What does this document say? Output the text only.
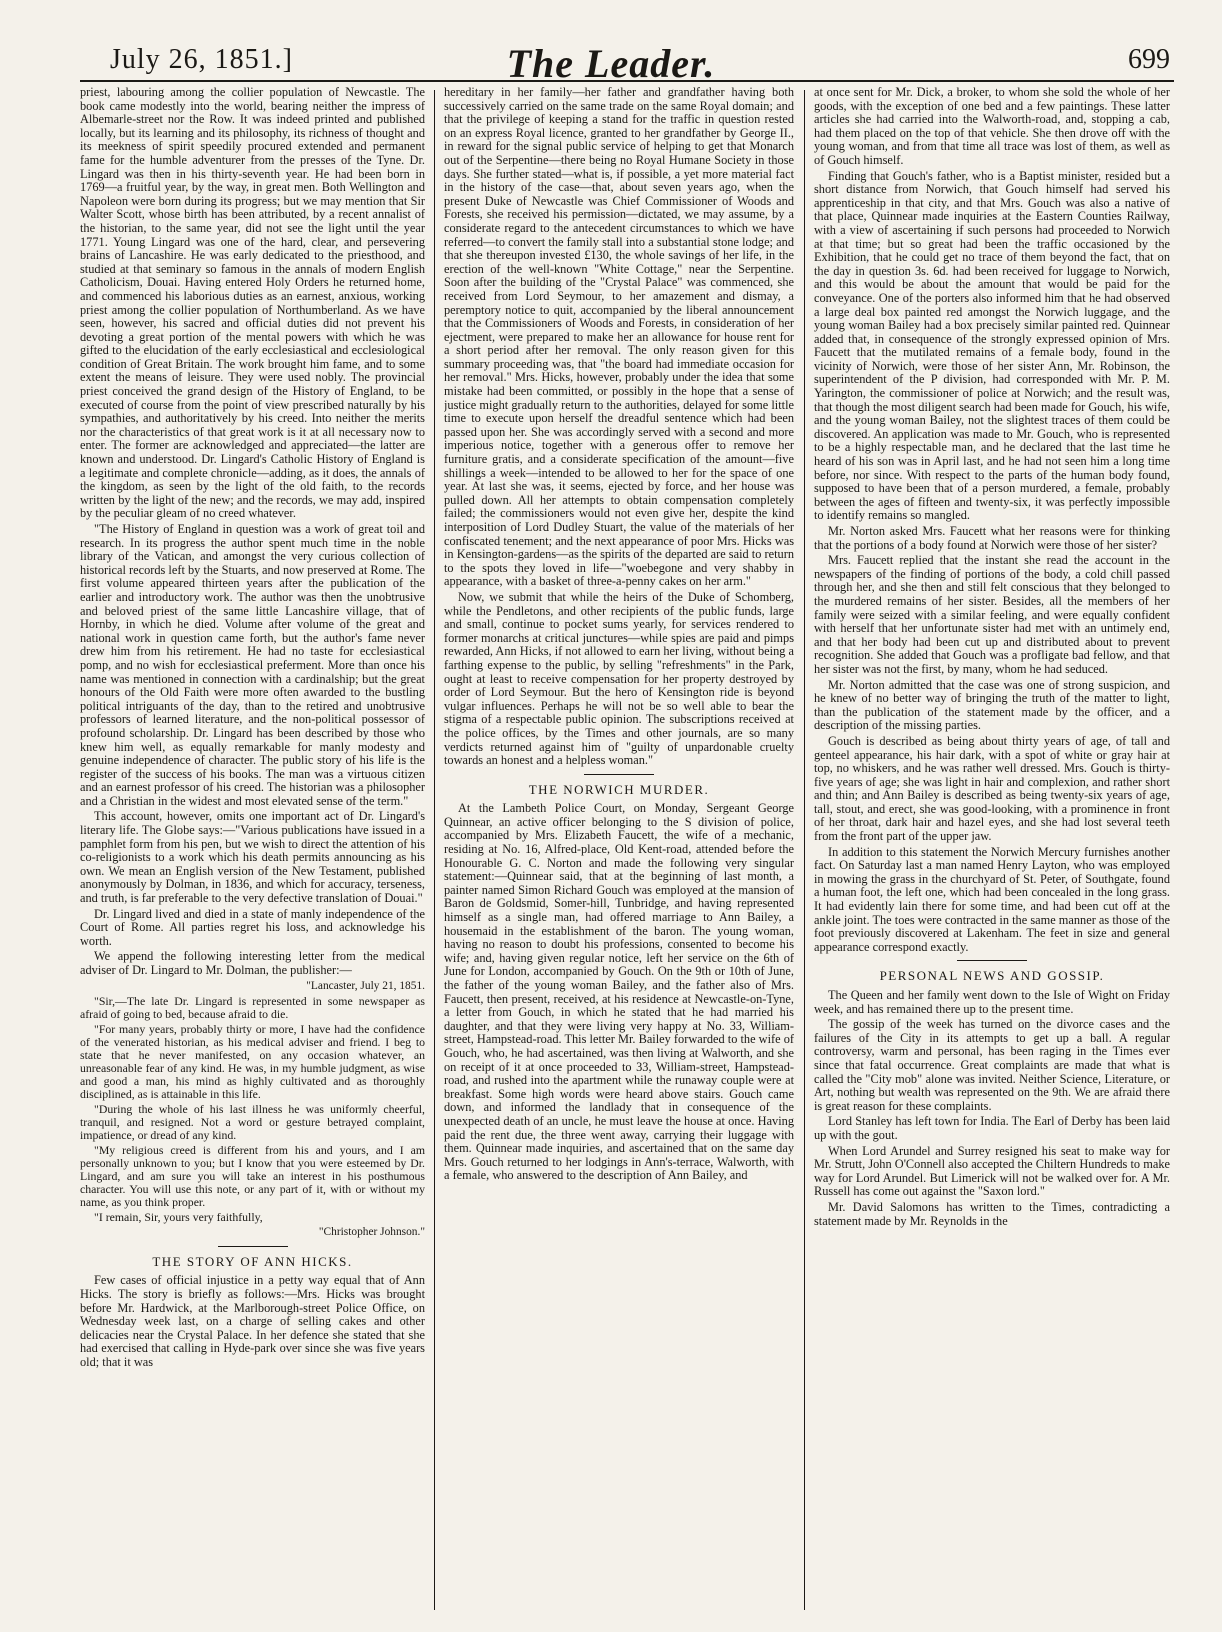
July 26, 1851.]	The Leader.	699

priest, labouring among the collier population of Newcastle. The book came modestly into the world, bearing neither the impress of Albemarle-street nor the Row. It was indeed printed and published locally, but its learning and its philosophy, its richness of thought and its meekness of spirit speedily procured extended and permanent fame for the humble adventurer from the presses of the Tyne. Dr. Lingard was then in his thirty-seventh year. He had been born in 1769—a fruitful year, by the way, in great men. Both Wellington and Napoleon were born during its progress; but we may mention that Sir Walter Scott, whose birth has been attributed, by a recent annalist of the historian, to the same year, did not see the light until the year 1771. Young Lingard was one of the hard, clear, and persevering brains of Lancashire. He was early dedicated to the priesthood, and studied at that seminary so famous in the annals of modern English Catholicism, Douai. Having entered Holy Orders he returned home, and commenced his laborious duties as an earnest, anxious, working priest among the collier population of Northumberland. As we have seen, however, his sacred and official duties did not prevent his devoting a great portion of the mental powers with which he was gifted to the elucidation of the early ecclesiastical and ecclesiological condition of Great Britain. The work brought him fame, and to some extent the means of leisure. They were used nobly. The provincial priest conceived the grand design of the History of England, to be executed of course from the point of view prescribed naturally by his sympathies, and authoritatively by his creed. Into neither the merits nor the characteristics of that great work is it at all necessary now to enter. The former are acknowledged and appreciated—the latter are known and understood. Dr. Lingard's Catholic History of England is a legitimate and complete chronicle—adding, as it does, the annals of the kingdom, as seen by the light of the old faith, to the records written by the light of the new; and the records, we may add, inspired by the peculiar gleam of no creed whatever.

"The History of England in question was a work of great toil and research. In its progress the author spent much time in the noble library of the Vatican, and amongst the very curious collection of historical records left by the Stuarts, and now preserved at Rome. The first volume appeared thirteen years after the publication of the earlier and introductory work. The author was then the unobtrusive and beloved priest of the same little Lancashire village, that of Hornby, in which he died. Volume after volume of the great and national work in question came forth, but the author's fame never drew him from his retirement. He had no taste for ecclesiastical pomp, and no wish for ecclesiastical preferment. More than once his name was mentioned in connection with a cardinalship; but the great honours of the Old Faith were more often awarded to the bustling political intriguants of the day, than to the retired and unobtrusive professors of learned literature, and the non-political possessor of profound scholarship. Dr. Lingard has been described by those who knew him well, as equally remarkable for manly modesty and genuine independence of character. The public story of his life is the register of the success of his books. The man was a virtuous citizen and an earnest professor of his creed. The historian was a philosopher and a Christian in the widest and most elevated sense of the term."

This account, however, omits one important act of Dr. Lingard's literary life. The Globe says:—"Various publications have issued in a pamphlet form from his pen, but we wish to direct the attention of his co-religionists to a work which his death permits announcing as his own. We mean an English version of the New Testament, published anonymously by Dolman, in 1836, and which for accuracy, terseness, and truth, is far preferable to the very defective translation of Douai."

Dr. Lingard lived and died in a state of manly independence of the Court of Rome. All parties regret his loss, and acknowledge his worth.

We append the following interesting letter from the medical adviser of Dr. Lingard to Mr. Dolman, the publisher:—

"Lancaster, July 21, 1851.

"Sir,—The late Dr. Lingard is represented in some newspaper as afraid of going to bed, because afraid to die.

"For many years, probably thirty or more, I have had the confidence of the venerated historian, as his medical adviser and friend. I beg to state that he never manifested, on any occasion whatever, an unreasonable fear of any kind. He was, in my humble judgment, as wise and good a man, his mind as highly cultivated and as thoroughly disciplined, as is attainable in this life.

"During the whole of his last illness he was uniformly cheerful, tranquil, and resigned. Not a word or gesture betrayed complaint, impatience, or dread of any kind.

"My religious creed is different from his and yours, and I am personally unknown to you; but I know that you were esteemed by Dr. Lingard, and am sure you will take an interest in his posthumous character. You will use this note, or any part of it, with or without my name, as you think proper.

"I remain, Sir, yours very faithfully,

"Christopher Johnson."
THE STORY OF ANN HICKS.

Few cases of official injustice in a petty way equal that of Ann Hicks. The story is briefly as follows:—Mrs. Hicks was brought before Mr. Hardwick, at the Marlborough-street Police Office, on Wednesday week last, on a charge of selling cakes and other delicacies near the Crystal Palace. In her defence she stated that she had exercised that calling in Hyde-park over since she was five years old; that it was

hereditary in her family—her father and grandfather having both successively carried on the same trade on the same Royal domain; and that the privilege of keeping a stand for the traffic in question rested on an express Royal licence, granted to her grandfather by George II., in reward for the signal public service of helping to get that Monarch out of the Serpentine—there being no Royal Humane Society in those days. She further stated—what is, if possible, a yet more material fact in the history of the case—that, about seven years ago, when the present Duke of Newcastle was Chief Commissioner of Woods and Forests, she received his permission—dictated, we may assume, by a considerate regard to the antecedent circumstances to which we have referred—to convert the family stall into a substantial stone lodge; and that she thereupon invested £130, the whole savings of her life, in the erection of the well-known "White Cottage," near the Serpentine. Soon after the building of the "Crystal Palace" was commenced, she received from Lord Seymour, to her amazement and dismay, a peremptory notice to quit, accompanied by the liberal announcement that the Commissioners of Woods and Forests, in consideration of her ejectment, were prepared to make her an allowance for house rent for a short period after her removal. The only reason given for this summary proceeding was, that "the board had immediate occasion for her removal." Mrs. Hicks, however, probably under the idea that some mistake had been committed, or possibly in the hope that a sense of justice might gradually return to the authorities, delayed for some little time to execute upon herself the dreadful sentence which had been passed upon her. She was accordingly served with a second and more imperious notice, together with a generous offer to remove her furniture gratis, and a considerate specification of the amount—five shillings a week—intended to be allowed to her for the space of one year. At last she was, it seems, ejected by force, and her house was pulled down. All her attempts to obtain compensation completely failed; the commissioners would not even give her, despite the kind interposition of Lord Dudley Stuart, the value of the materials of her confiscated tenement; and the next appearance of poor Mrs. Hicks was in Kensington-gardens—as the spirits of the departed are said to return to the spots they loved in life—"woebegone and very shabby in appearance, with a basket of three-a-penny cakes on her arm."

Now, we submit that while the heirs of the Duke of Schomberg, while the Pendletons, and other recipients of the public funds, large and small, continue to pocket sums yearly, for services rendered to former monarchs at critical junctures—while spies are paid and pimps rewarded, Ann Hicks, if not allowed to earn her living, without being a farthing expense to the public, by selling "refreshments" in the Park, ought at least to receive compensation for her property destroyed by order of Lord Seymour. But the hero of Kensington ride is beyond vulgar influences. Perhaps he will not be so well able to bear the stigma of a respectable public opinion. The subscriptions received at the police offices, by the Times and other journals, are so many verdicts returned against him of "guilty of unpardonable cruelty towards an honest and a helpless woman."

THE NORWICH MURDER.

At the Lambeth Police Court, on Monday, Sergeant George Quinnear, an active officer belonging to the S division of police, accompanied by Mrs. Elizabeth Faucett, the wife of a mechanic, residing at No. 16, Alfred-place, Old Kent-road, attended before the Honourable G. C. Norton and made the following very singular statement:—Quinnear said, that at the beginning of last month, a painter named Simon Richard Gouch was employed at the mansion of Baron de Goldsmid, Somer-hill, Tunbridge, and having represented himself as a single man, had offered marriage to Ann Bailey, a housemaid in the establishment of the baron. The young woman, having no reason to doubt his professions, consented to become his wife; and, having given regular notice, left her service on the 6th of June for London, accompanied by Gouch. On the 9th or 10th of June, the father of the young woman Bailey, and the father also of Mrs. Faucett, then present, received, at his residence at Newcastle-on-Tyne, a letter from Gouch, in which he stated that he had married his daughter, and that they were living very happy at No. 33, William-street, Hampstead-road. This letter Mr. Bailey forwarded to the wife of Gouch, who, he had ascertained, was then living at Walworth, and she on receipt of it at once proceeded to 33, William-street, Hampstead-road, and rushed into the apartment while the runaway couple were at breakfast. Some high words were heard above stairs. Gouch came down, and informed the landlady that in consequence of the unexpected death of an uncle, he must leave the house at once. Having paid the rent due, the three went away, carrying their luggage with them. Quinnear made inquiries, and ascertained that on the same day Mrs. Gouch returned to her lodgings in Ann's-terrace, Walworth, with a female, who answered to the description of Ann Bailey, and

at once sent for Mr. Dick, a broker, to whom she sold the whole of her goods, with the exception of one bed and a few paintings. These latter articles she had carried into the Walworth-road, and, stopping a cab, had them placed on the top of that vehicle. She then drove off with the young woman, and from that time all trace was lost of them, as well as of Gouch himself.

Finding that Gouch's father, who is a Baptist minister, resided but a short distance from Norwich, that Gouch himself had served his apprenticeship in that city, and that Mrs. Gouch was also a native of that place, Quinnear made inquiries at the Eastern Counties Railway, with a view of ascertaining if such persons had proceeded to Norwich at that time; but so great had been the traffic occasioned by the Exhibition, that he could get no trace of them beyond the fact, that on the day in question 3s. 6d. had been received for luggage to Norwich, and this would be about the amount that would be paid for the conveyance. One of the porters also informed him that he had observed a large deal box painted red amongst the Norwich luggage, and the young woman Bailey had a box precisely similar painted red. Quinnear added that, in consequence of the strongly expressed opinion of Mrs. Faucett that the mutilated remains of a female body, found in the vicinity of Norwich, were those of her sister Ann, Mr. Robinson, the superintendent of the P division, had corresponded with Mr. P. M. Yarington, the commissioner of police at Norwich; and the result was, that though the most diligent search had been made for Gouch, his wife, and the young woman Bailey, not the slightest traces of them could be discovered. An application was made to Mr. Gouch, who is represented to be a highly respectable man, and he declared that the last time he heard of his son was in April last, and he had not seen him a long time before, nor since. With respect to the parts of the human body found, supposed to have been that of a person murdered, a female, probably between the ages of fifteen and twenty-six, it was perfectly impossible to identify remains so mangled.

Mr. Norton asked Mrs. Faucett what her reasons were for thinking that the portions of a body found at Norwich were those of her sister?

Mrs. Faucett replied that the instant she read the account in the newspapers of the finding of portions of the body, a cold chill passed through her, and she then and still felt conscious that they belonged to the murdered remains of her sister. Besides, all the members of her family were seized with a similar feeling, and were equally confident with herself that her unfortunate sister had met with an untimely end, and that her body had been cut up and distributed about to prevent recognition. She added that Gouch was a profligate bad fellow, and that her sister was not the first, by many, whom he had seduced.

Mr. Norton admitted that the case was one of strong suspicion, and he knew of no better way of bringing the truth of the matter to light, than the publication of the statement made by the officer, and a description of the missing parties.

Gouch is described as being about thirty years of age, of tall and genteel appearance, his hair dark, with a spot of white or gray hair at top, no whiskers, and he was rather well dressed. Mrs. Gouch is thirty-five years of age; she was light in hair and complexion, and rather short and thin; and Ann Bailey is described as being twenty-six years of age, tall, stout, and erect, she was good-looking, with a prominence in front of her throat, dark hair and hazel eyes, and she had lost several teeth from the front part of the upper jaw.

In addition to this statement the Norwich Mercury furnishes another fact. On Saturday last a man named Henry Layton, who was employed in mowing the grass in the churchyard of St. Peter, of Southgate, found a human foot, the left one, which had been concealed in the long grass. It had evidently lain there for some time, and had been cut off at the ankle joint. The toes were contracted in the same manner as those of the foot previously discovered at Lakenham. The feet in size and general appearance correspond exactly.

PERSONAL NEWS AND GOSSIP.

The Queen and her family went down to the Isle of Wight on Friday week, and has remained there up to the present time.

The gossip of the week has turned on the divorce cases and the failures of the City in its attempts to get up a ball. A regular controversy, warm and personal, has been raging in the Times ever since that fatal occurrence. Great complaints are made that what is called the "City mob" alone was invited. Neither Science, Literature, or Art, nothing but wealth was represented on the 9th. We are afraid there is great reason for these complaints.

Lord Stanley has left town for India. The Earl of Derby has been laid up with the gout.

When Lord Arundel and Surrey resigned his seat to make way for Mr. Strutt, John O'Connell also accepted the Chiltern Hundreds to make way for Lord Arundel. But Limerick will not be walked over for. A Mr. Russell has come out against the "Saxon lord."

Mr. David Salomons has written to the Times, contradicting a statement made by Mr. Reynolds in the
